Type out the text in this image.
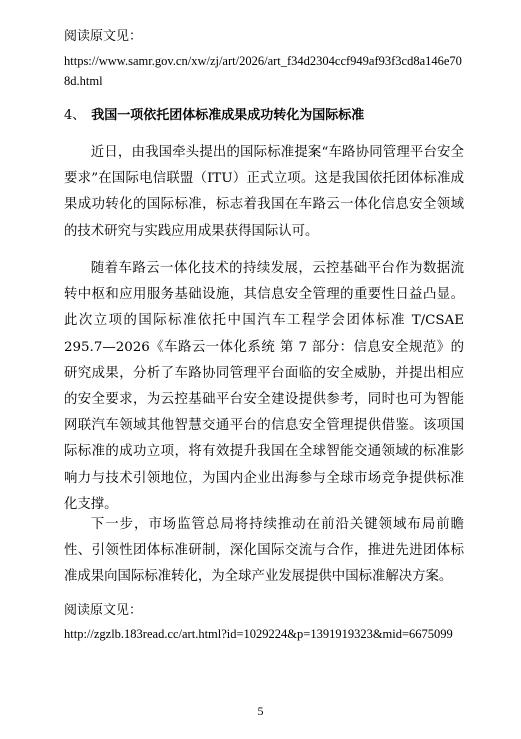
阅读原文见：

https://www.samr.gov.cn/xw/zj/art/2026/art_f34d2304ccf949af93f3cd8a146e708d.html

4、 我国一项依托团体标准成果成功转化为国际标准

近日，由我国牵头提出的国际标准提案“车路协同管理平台安全要求”在国际电信联盟（ITU）正式立项。这是我国依托团体标准成果成功转化的国际标准，标志着我国在车路云一体化信息安全领域的技术研究与实践应用成果获得国际认可。

随着车路云一体化技术的持续发展，云控基础平台作为数据流转中枢和应用服务基础设施，其信息安全管理的重要性日益凸显。此次立项的国际标准依托中国汽车工程学会团体标准 T/CSAE 295.7—2026《车路云一体化系统 第 7 部分：信息安全规范》的研究成果，分析了车路协同管理平台面临的安全威胁，并提出相应的安全要求，为云控基础平台安全建设提供参考，同时也可为智能网联汽车领域其他智慧交通平台的信息安全管理提供借鉴。该项国际标准的成功立项，将有效提升我国在全球智能交通领域的标准影响力与技术引领地位，为国内企业出海参与全球市场竞争提供标准化支撑。

下一步，市场监管总局将持续推动在前沿关键领域布局前瞻性、引领性团体标准研制，深化国际交流与合作，推进先进团体标准成果向国际标准转化，为全球产业发展提供中国标准解决方案。

阅读原文见：

http://zgzlb.183read.cc/art.html?id=1029224&p=1391919323&mid=6675099

5
